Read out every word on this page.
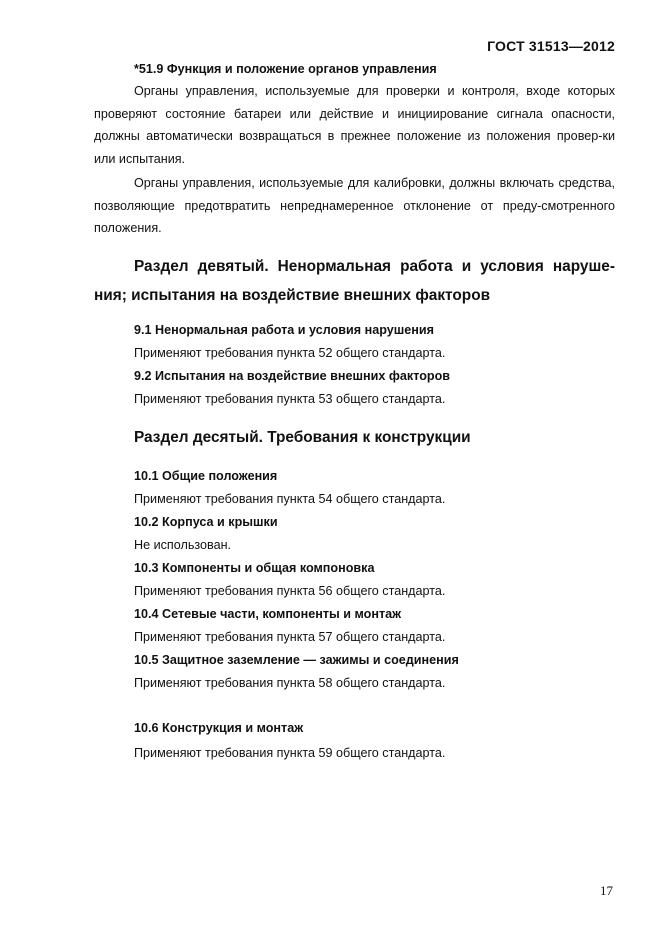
ГОСТ 31513—2012
*51.9 Функция и положение органов управления
Органы управления, используемые для проверки и контроля, входе которых проверяют состояние батареи или действие и инициирование сигнала опасности, должны автоматически возвращаться в прежнее положение из положения провер-ки или испытания.
Органы управления, используемые для калибровки, должны включать средства, позволяющие предотвратить непреднамеренное отклонение от преду-смотренного положения.
Раздел девятый. Ненормальная работа и условия наруше-
ния; испытания на воздействие внешних факторов
9.1 Ненормальная работа и условия нарушения
Применяют требования пункта 52 общего стандарта.
9.2 Испытания на воздействие внешних факторов
Применяют требования пункта 53 общего стандарта.
Раздел десятый. Требования к конструкции
10.1 Общие положения
Применяют требования пункта 54 общего стандарта.
10.2 Корпуса и крышки
Не использован.
10.3 Компоненты и общая компоновка
Применяют требования пункта 56 общего стандарта.
10.4 Сетевые части, компоненты и монтаж
Применяют требования пункта 57 общего стандарта.
10.5 Защитное заземление — зажимы и соединения
Применяют требования пункта 58 общего стандарта.
10.6 Конструкция и монтаж
Применяют требования пункта 59 общего стандарта.
17
